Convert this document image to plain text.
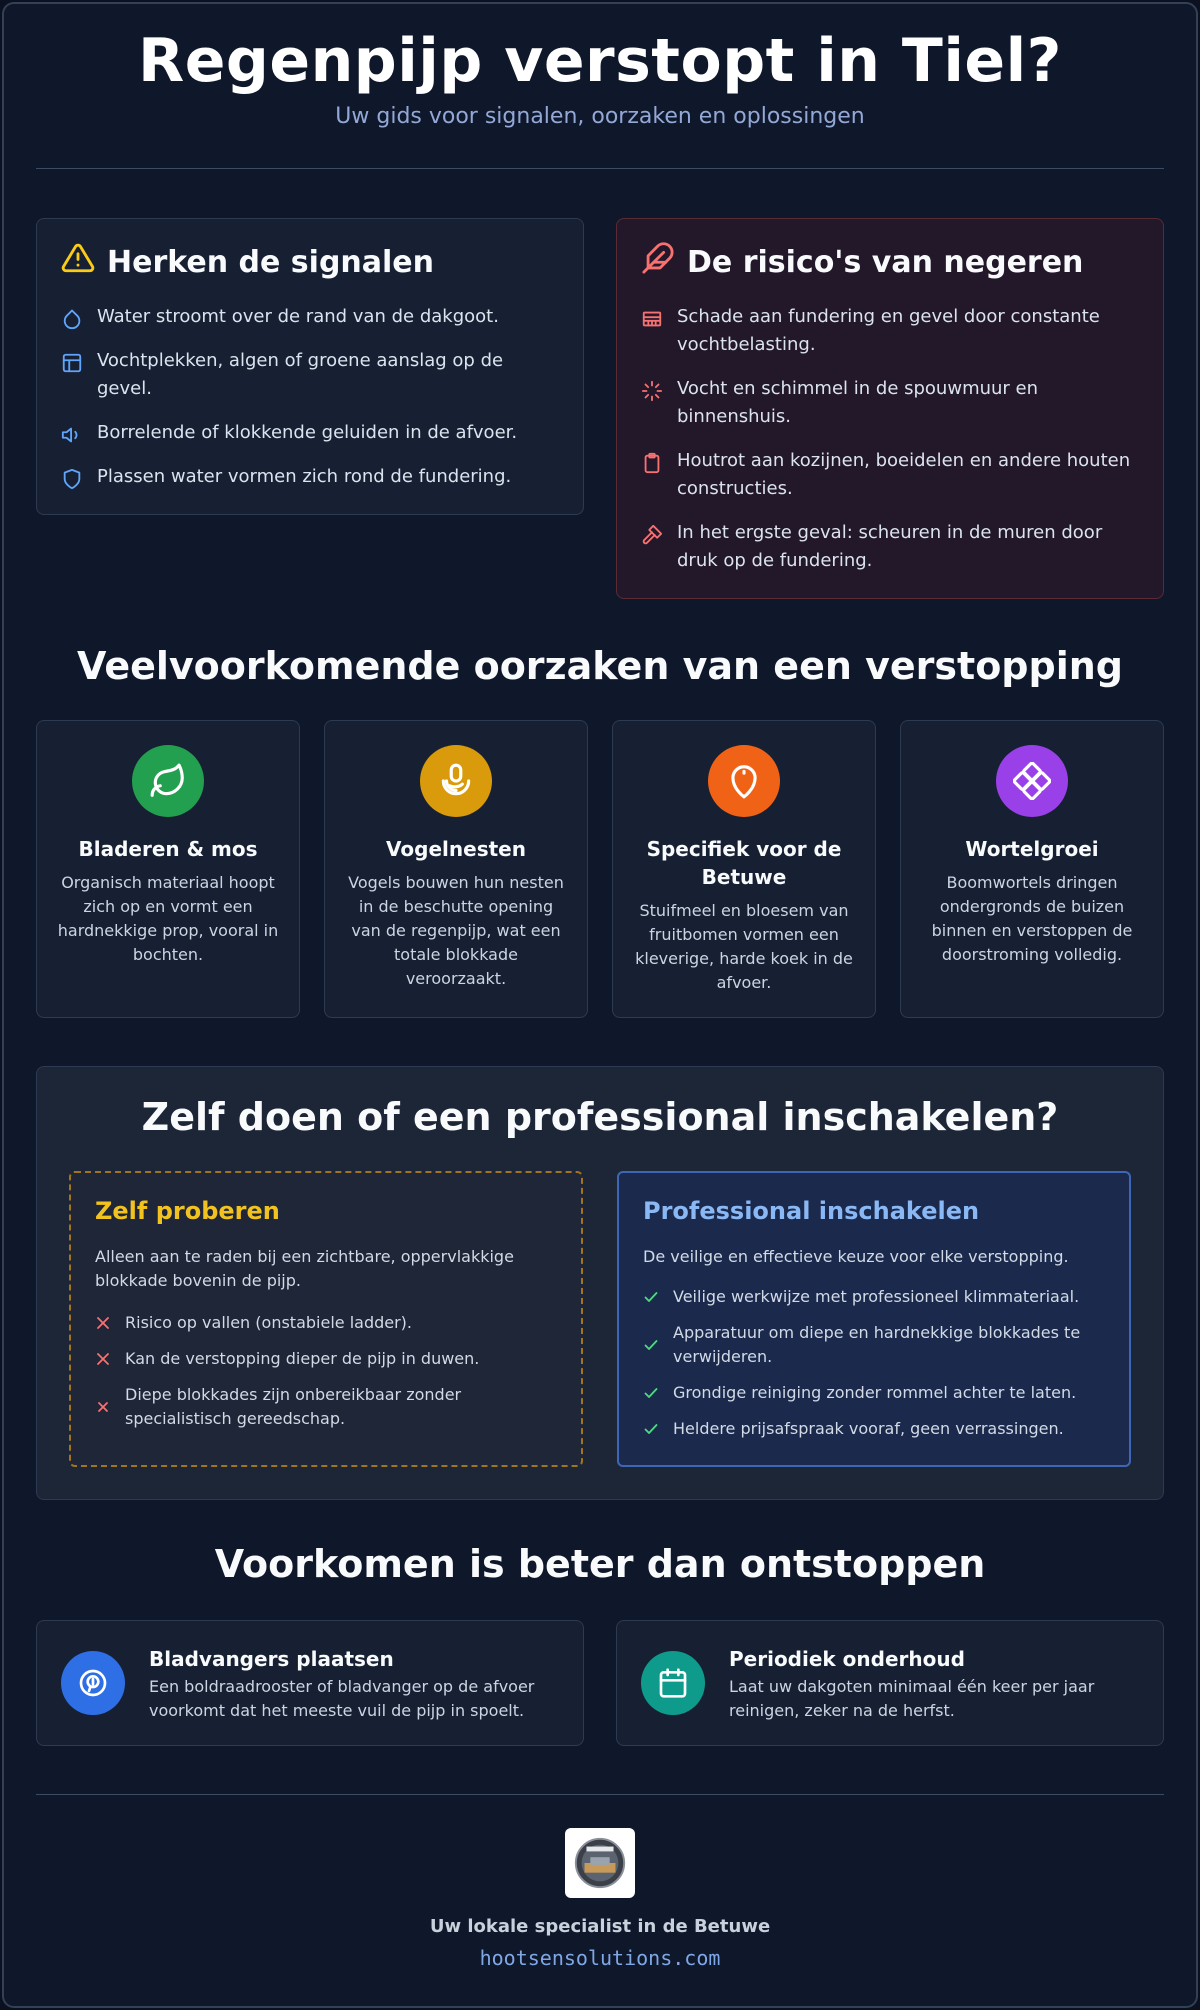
Regenpijp verstopt in Tiel?
Uw gids voor signalen, oorzaken en oplossingen
Herken de signalen
Water stroomt over de rand van de dakgoot.
Vochtplekken, algen of groene aanslag op de gevel.
Borrelende of klokkende geluiden in de afvoer.
Plassen water vormen zich rond de fundering.
De risico's van negeren
Schade aan fundering en gevel door constante vochtbelasting.
Vocht en schimmel in de spouwmuur en binnenshuis.
Houtrot aan kozijnen, boeidelen en andere houten constructies.
In het ergste geval: scheuren in de muren door druk op de fundering.
Veelvoorkomende oorzaken van een verstopping
Bladeren & mos

Organisch materiaal hoopt zich op en vormt een hardnekkige prop, vooral in bochten.

Vogelnesten

Vogels bouwen hun nesten in de beschutte opening van de regenpijp, wat een totale blokkade veroorzaakt.

Specifiek voor de Betuwe

Stuifmeel en bloesem van fruitbomen vormen een kleverige, harde koek in de afvoer.

Wortelgroei

Boomwortels dringen ondergronds de buizen binnen en verstoppen de doorstroming volledig.

Zelf doen of een professional inschakelen?
Zelf proberen
Alleen aan te raden bij een zichtbare, oppervlakkige blokkade bovenin de pijp.
Risico op vallen (onstabiele ladder).
Kan de verstopping dieper de pijp in duwen.
Diepe blokkades zijn onbereikbaar zonder specialistisch gereedschap.
Professional inschakelen
De veilige en effectieve keuze voor elke verstopping.
Veilige werkwijze met professioneel klimmateriaal.
Apparatuur om diepe en hardnekkige blokkades te verwijderen.
Grondige reiniging zonder rommel achter te laten.
Heldere prijsafspraak vooraf, geen verrassingen.
Voorkomen is beter dan ontstoppen
Bladvangers plaatsen

Een boldraadrooster of bladvanger op de afvoer voorkomt dat het meeste vuil de pijp in spoelt.

Periodiek onderhoud

Laat uw dakgoten minimaal één keer per jaar reinigen, zeker na de herfst.

Uw lokale specialist in de Betuwe
hootsensolutions.com
